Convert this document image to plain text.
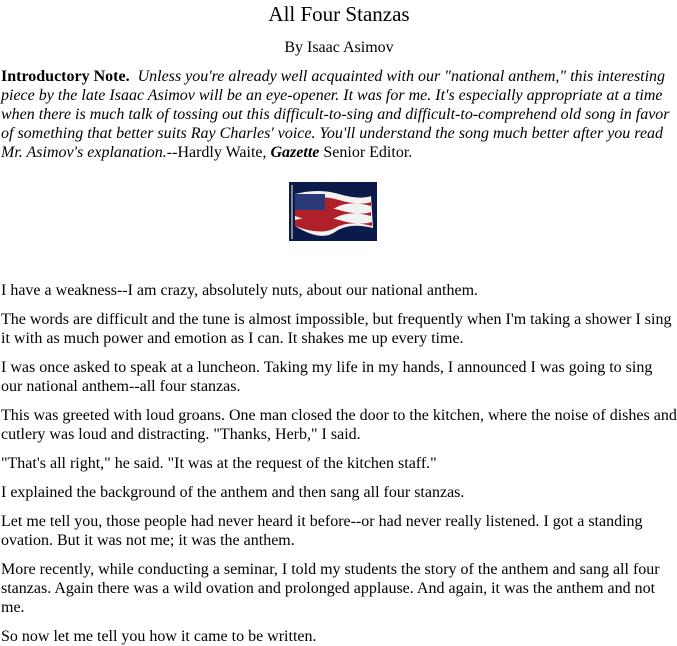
All Four Stanzas
By Isaac Asimov

Introductory Note. Unless you're already well acquainted with our "national anthem," this interesting piece by the late Isaac Asimov will be an eye-opener. It was for me. It's especially appropriate at a time when there is much talk of tossing out this difficult-to-sing and difficult-to-comprehend old song in favor of something that better suits Ray Charles' voice. You'll understand the song much better after you read Mr. Asimov's explanation.--Hardly Waite, Gazette Senior Editor.

I have a weakness--I am crazy, absolutely nuts, about our national anthem.

The words are difficult and the tune is almost impossible, but frequently when I'm taking a shower I sing it with as much power and emotion as I can. It shakes me up every time.

I was once asked to speak at a luncheon. Taking my life in my hands, I announced I was going to sing our national anthem--all four stanzas.

This was greeted with loud groans. One man closed the door to the kitchen, where the noise of dishes and cutlery was loud and distracting. "Thanks, Herb," I said.

"That's all right," he said. "It was at the request of the kitchen staff."

I explained the background of the anthem and then sang all four stanzas.

Let me tell you, those people had never heard it before--or had never really listened. I got a standing ovation. But it was not me; it was the anthem.

More recently, while conducting a seminar, I told my students the story of the anthem and sang all four stanzas. Again there was a wild ovation and prolonged applause. And again, it was the anthem and not me.

So now let me tell you how it came to be written.
